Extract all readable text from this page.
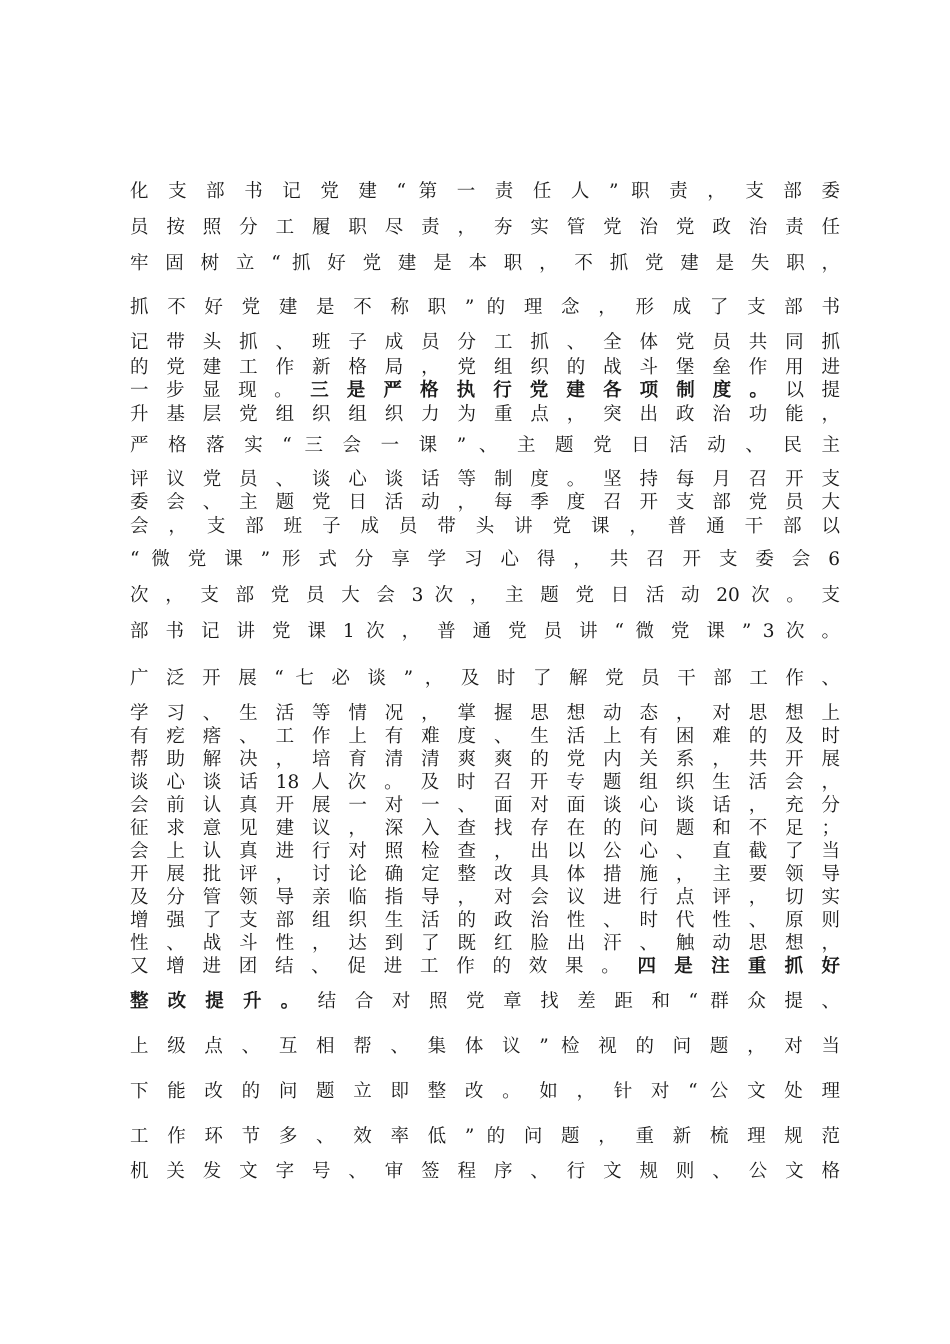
化 支 部 书 记 党 建 “ 第 一 责 任 人 ” 职 责 ， 支 部 委
员 按 照 分 工 履 职 尽 责 ， 夯 实 管 党 治 党 政 治 责 任
牢 固 树 立 “ 抓 好 党 建 是 本 职 ， 不 抓 党 建 是 失 职 ，
抓 不 好 党 建 是 不 称 职 ” 的 理 念 ， 形 成 了 支 部 书
记 带 头 抓 、 班 子 成 员 分 工 抓 、 全 体 党 员 共 同 抓
的 党 建 工 作 新 格 局 ， 党 组 织 的 战 斗 堡 垒 作 用 进
一 步 显 现 。 三 是 严 格 执 行 党 建 各 项 制 度 。 以 提
升 基 层 党 组 织 组 织 力 为 重 点 ， 突 出 政 治 功 能 ，
严 格 落 实 “ 三 会 一 课 ” 、 主 题 党 日 活 动 、 民 主
评 议 党 员 、 谈 心 谈 话 等 制 度 。 坚 持 每 月 召 开 支
委 会 、 主 题 党 日 活 动 ， 每 季 度 召 开 支 部 党 员 大
会 ， 支 部 班 子 成 员 带 头 讲 党 课 ， 普 通 干 部 以
“ 微 党 课 ” 形 式 分 享 学 习 心 得 ， 共 召 开 支 委 会 6
次 ， 支 部 党 员 大 会 3 次 ， 主 题 党 日 活 动 20 次 。 支
部 书 记 讲 党 课 1 次 ， 普 通 党 员 讲 “ 微 党 课 ” 3 次 。
广 泛 开 展 “ 七 必 谈 ” ， 及 时 了 解 党 员 干 部 工 作 、
学 习 、 生 活 等 情 况 ， 掌 握 思 想 动 态 ， 对 思 想 上
有 疙 瘩 、 工 作 上 有 难 度 、 生 活 上 有 困 难 的 及 时
帮 助 解 决 ， 培 育 清 清 爽 爽 的 党 内 关 系 ， 共 开 展
谈 心 谈 话 18 人 次 。 及 时 召 开 专 题 组 织 生 活 会 ，
会 前 认 真 开 展 一 对 一 、 面 对 面 谈 心 谈 话 ， 充 分
征 求 意 见 建 议 ， 深 入 查 找 存 在 的 问 题 和 不 足 ；
会 上 认 真 进 行 对 照 检 查 ， 出 以 公 心 、 直 截 了 当
开 展 批 评 ， 讨 论 确 定 整 改 具 体 措 施 ， 主 要 领 导
及 分 管 领 导 亲 临 指 导 ， 对 会 议 进 行 点 评 ， 切 实
增 强 了 支 部 组 织 生 活 的 政 治 性 、 时 代 性 、 原 则
性 、 战 斗 性 ， 达 到 了 既 红 脸 出 汗 、 触 动 思 想 ，
又 增 进 团 结 、 促 进 工 作 的 效 果 。 四 是 注 重 抓 好
整 改 提 升 。 结 合 对 照 党 章 找 差 距 和 “ 群 众 提 、
上 级 点 、 互 相 帮 、 集 体 议 ” 检 视 的 问 题 ， 对 当
下 能 改 的 问 题 立 即 整 改 。 如 ， 针 对 “ 公 文 处 理
工 作 环 节 多 、 效 率 低 ” 的 问 题 ， 重 新 梳 理 规 范
机 关 发 文 字 号 、 审 签 程 序 、 行 文 规 则 、 公 文 格
